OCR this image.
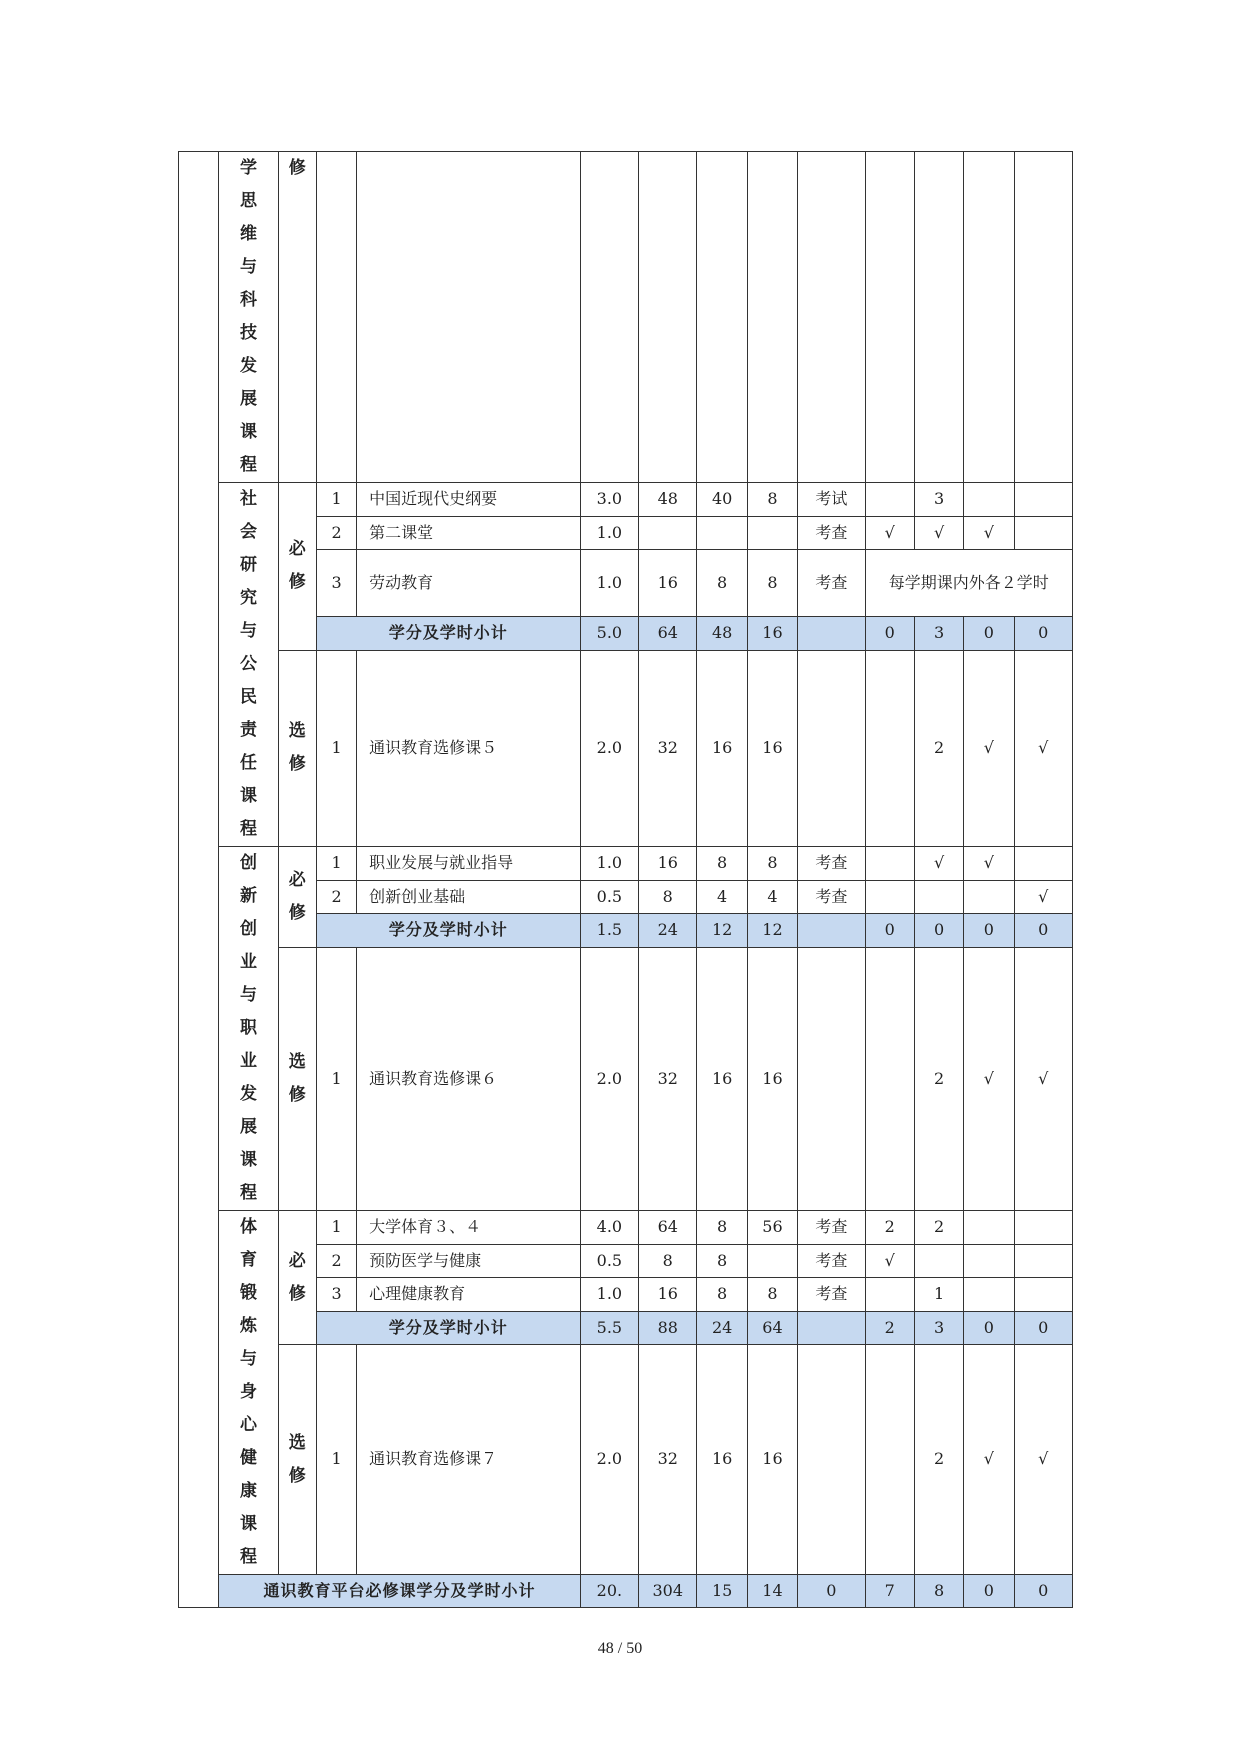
	学思维与科技发展课程	修											
	社会研究与公民责任课程	必修	1	中国近现代史纲要	3.0	48	40	8	考试		3		
			2	第二课堂	1.0				考查	√	√	√	
			3	劳动教育	1.0	16	8	8	考查	每学期课内外各２学时			
			学分及学时小计		5.0	64	48	16		0	3	0	0
		选修	1	通识教育选修课５	2.0	32	16	16			2	√	√
	创新创业与职业发展课程	必修	1	职业发展与就业指导	1.0	16	8	8	考查		√	√	
			2	创新创业基础	0.5	8	4	4	考查				√
			学分及学时小计		1.5	24	12	12		0	0	0	0
		选修	1	通识教育选修课６	2.0	32	16	16			2	√	√
	体育锻炼与身心健康课程	必修	1	大学体育３、４	4.0	64	8	56	考查	2	2		
			2	预防医学与健康	0.5	8	8		考查	√			
			3	心理健康教育	1.0	16	8	8	考查		1		
			学分及学时小计		5.5	88	24	64		2	3	0	0
		选修	1	通识教育选修课７	2.0	32	16	16			2	√	√
	通识教育平台必修课学分及学时小计				20.	304	15	14	0	7	8	0	0
48 / 50
